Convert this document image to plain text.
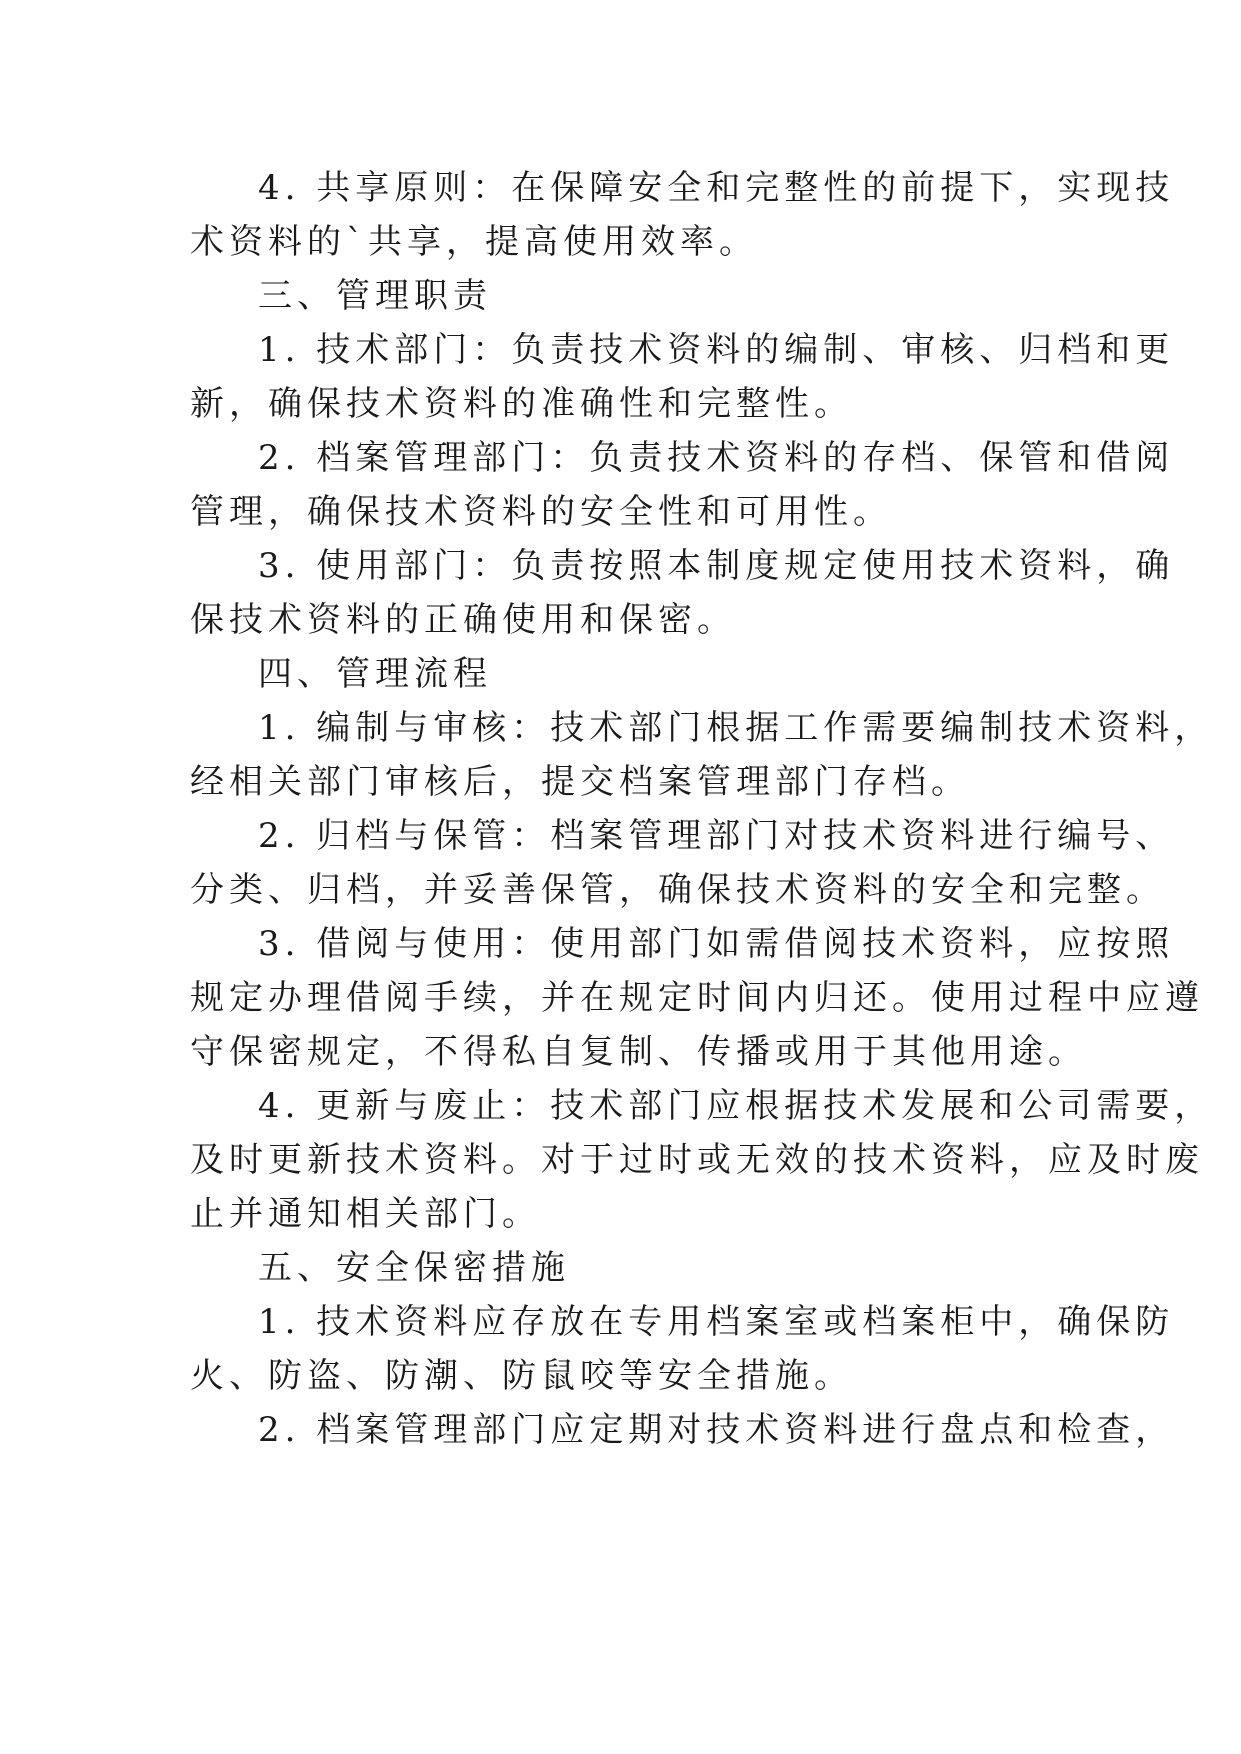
4. 共享原则：在保障安全和完整性的前提下，实现技
术资料的`共享，提高使用效率。
三、管理职责
1. 技术部门：负责技术资料的编制、审核、归档和更
新，确保技术资料的准确性和完整性。
2. 档案管理部门：负责技术资料的存档、保管和借阅
管理，确保技术资料的安全性和可用性。
3. 使用部门：负责按照本制度规定使用技术资料，确
保技术资料的正确使用和保密。
四、管理流程
1. 编制与审核：技术部门根据工作需要编制技术资料，
经相关部门审核后，提交档案管理部门存档。
2. 归档与保管：档案管理部门对技术资料进行编号、
分类、归档，并妥善保管，确保技术资料的安全和完整。
3. 借阅与使用：使用部门如需借阅技术资料，应按照
规定办理借阅手续，并在规定时间内归还。使用过程中应遵
守保密规定，不得私自复制、传播或用于其他用途。
4. 更新与废止：技术部门应根据技术发展和公司需要，
及时更新技术资料。对于过时或无效的技术资料，应及时废
止并通知相关部门。
五、安全保密措施
1. 技术资料应存放在专用档案室或档案柜中，确保防
火、防盗、防潮、防鼠咬等安全措施。
2. 档案管理部门应定期对技术资料进行盘点和检查，
